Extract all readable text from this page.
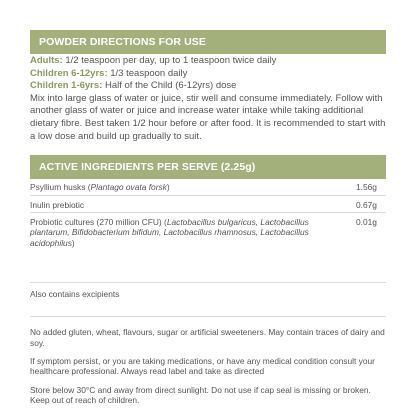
POWDER DIRECTIONS FOR USE
Adults: 1/2 teaspoon per day, up to 1 teaspoon twice daily
Children 6-12yrs: 1/3 teaspoon daily
Children 1-6yrs: Half of the Child (6-12yrs) dose
Mix into large glass of water or juice, stir well and consume immediately. Follow with another glass of water or juice and increase water intake while taking additional dietary fibre. Best taken 1/2 hour before or after food. It is recommended to start with a low dose and build up gradually to suit.
ACTIVE INGREDIENTS PER SERVE (2.25g)
Psyllium husks (Plantago ovata forsk)	1.56g
Inulin prebiotic	0.67g
Probiotic cultures (270 million CFU) (Lactobacillus bulgaricus, Lactobacillus plantarum, Bifidobacterium bifidum, Lactobacillus rhamnosus, Lactobacillus acidophilus)
0.01g
Also contains excipients

No added gluten, wheat, flavours, sugar or artificial sweeteners. May contain traces of dairy and soy.

If symptom persist, or you are taking medications, or have any medical condition consult your healthcare professional. Always read label and take as directed

Store below 30°C and away from direct sunlight. Do not use if cap seal is missing or broken. Keep out of reach of children.
